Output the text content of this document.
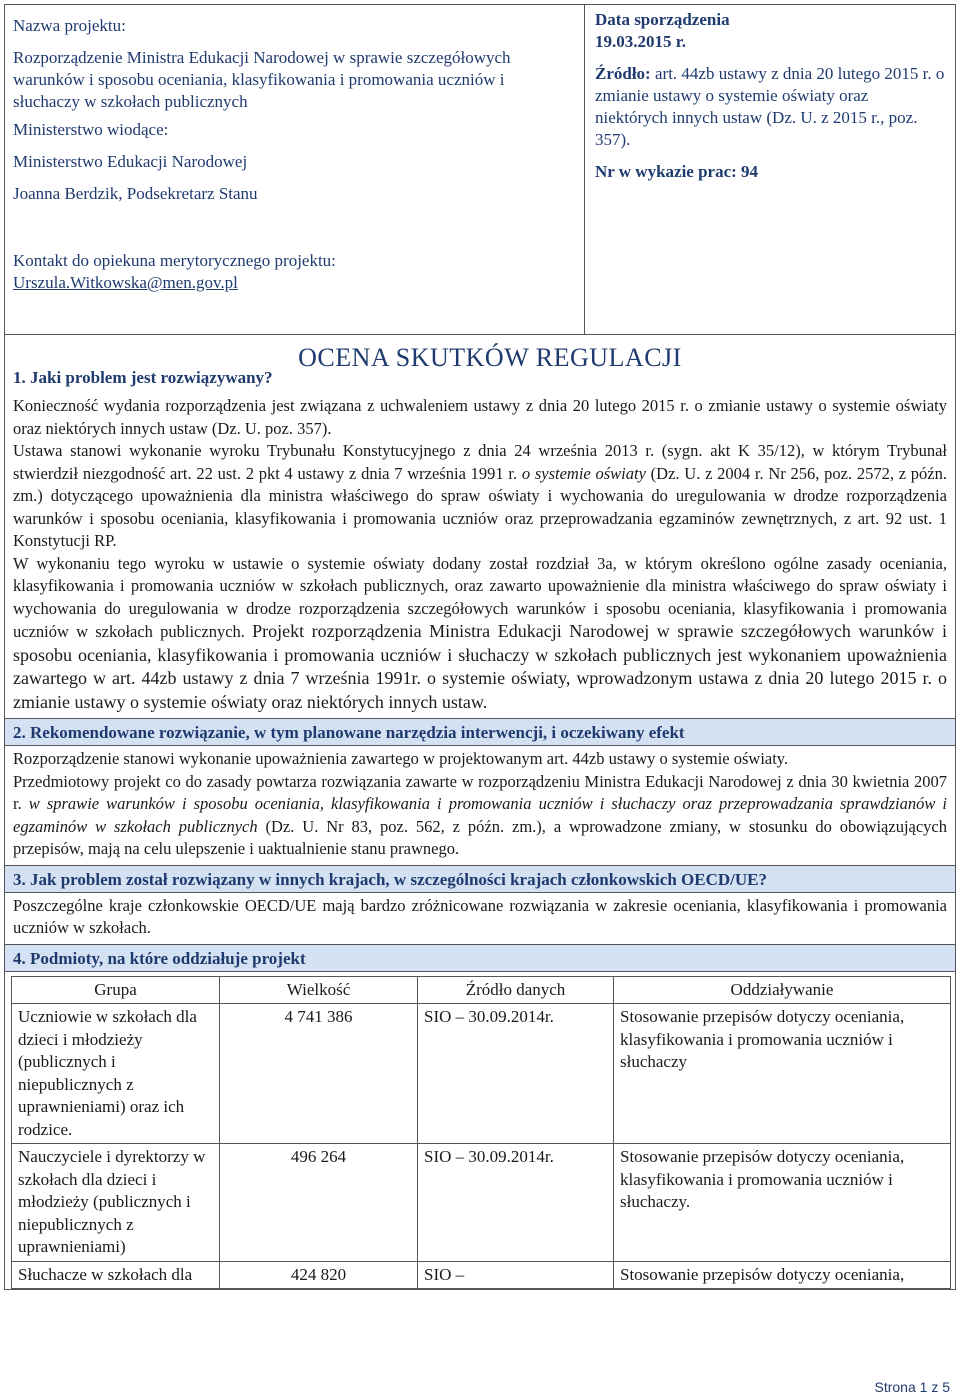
Nazwa projektu:

Rozporządzenie Ministra Edukacji Narodowej w sprawie szczegółowych warunków i sposobu oceniania, klasyfikowania i promowania uczniów i słuchaczy w szkołach publicznych

Ministerstwo wiodące:

Ministerstwo Edukacji Narodowej

Joanna Berdzik, Podsekretarz Stanu

Kontakt do opiekuna merytorycznego projektu:

Urszula.Witkowska@men.gov.pl

Data sporządzenia

19.03.2015 r.

Źródło: art. 44zb ustawy z dnia 20 lutego 2015 r. o zmianie ustawy o systemie oświaty oraz niektórych innych ustaw (Dz. U. z 2015 r., poz. 357).

Nr w wykazie prac: 94

OCENA SKUTKÓW REGULACJI
1. Jaki problem jest rozwiązywany?

Konieczność wydania rozporządzenia jest związana z uchwaleniem ustawy z dnia 20 lutego 2015 r. o zmianie ustawy o systemie oświaty oraz niektórych innych ustaw (Dz. U. poz. 357).

Ustawa stanowi wykonanie wyroku Trybunału Konstytucyjnego z dnia 24 września 2013 r. (sygn. akt K 35/12), w którym Trybunał stwierdził niezgodność art. 22 ust. 2 pkt 4 ustawy z dnia 7 września 1991 r. o systemie oświaty (Dz. U. z 2004 r. Nr 256, poz. 2572, z późn. zm.) dotyczącego upoważnienia dla ministra właściwego do spraw oświaty i wychowania do uregulowania w drodze rozporządzenia warunków i sposobu oceniania, klasyfikowania i promowania uczniów oraz przeprowadzania egzaminów zewnętrznych, z art. 92 ust. 1 Konstytucji RP.

W wykonaniu tego wyroku w ustawie o systemie oświaty dodany został rozdział 3a, w którym określono ogólne zasady oceniania, klasyfikowania i promowania uczniów w szkołach publicznych, oraz zawarto upoważnienie dla ministra właściwego do spraw oświaty i wychowania do uregulowania w drodze rozporządzenia szczegółowych warunków i sposobu oceniania, klasyfikowania i promowania uczniów w szkołach publicznych. Projekt rozporządzenia Ministra Edukacji Narodowej w sprawie szczegółowych warunków i sposobu oceniania, klasyfikowania i promowania uczniów i słuchaczy w szkołach publicznych jest wykonaniem upoważnienia zawartego w art. 44zb ustawy z dnia 7 września 1991r. o systemie oświaty, wprowadzonym ustawa z dnia 20 lutego 2015 r. o zmianie ustawy o systemie oświaty oraz niektórych innych ustaw.

2. Rekomendowane rozwiązanie, w tym planowane narzędzia interwencji, i oczekiwany efekt

Rozporządzenie stanowi wykonanie upoważnienia zawartego w projektowanym art. 44zb ustawy o systemie oświaty.

Przedmiotowy projekt co do zasady powtarza rozwiązania zawarte w rozporządzeniu Ministra Edukacji Narodowej z dnia 30 kwietnia 2007 r. w sprawie warunków i sposobu oceniania, klasyfikowania i promowania uczniów i słuchaczy oraz przeprowadzania sprawdzianów i egzaminów w szkołach publicznych (Dz. U. Nr 83, poz. 562, z późn. zm.), a wprowadzone zmiany, w stosunku do obowiązujących przepisów, mają na celu ulepszenie i uaktualnienie stanu prawnego.

3. Jak problem został rozwiązany w innych krajach, w szczególności krajach członkowskich OECD/UE?

Poszczególne kraje członkowskie OECD/UE mają bardzo zróżnicowane rozwiązania w zakresie oceniania, klasyfikowania i promowania uczniów w szkołach.

4. Podmioty, na które oddziałuje projekt
Grupa	Wielkość	Źródło danych	Oddziaływanie
Uczniowie w szkołach dla dzieci i młodzieży (publicznych i niepublicznych z uprawnieniami) oraz ich rodzice.	4 741 386	SIO – 30.09.2014r.	Stosowanie przepisów dotyczy oceniania, klasyfikowania i promowania uczniów i słuchaczy
Nauczyciele i dyrektorzy w szkołach dla dzieci i młodzieży (publicznych i niepublicznych z uprawnieniami)	496 264	SIO – 30.09.2014r.	Stosowanie przepisów dotyczy oceniania, klasyfikowania i promowania uczniów i słuchaczy.
Słuchacze w szkołach dla	424 820	SIO –	Stosowanie przepisów dotyczy oceniania,
Strona 1 z 5
